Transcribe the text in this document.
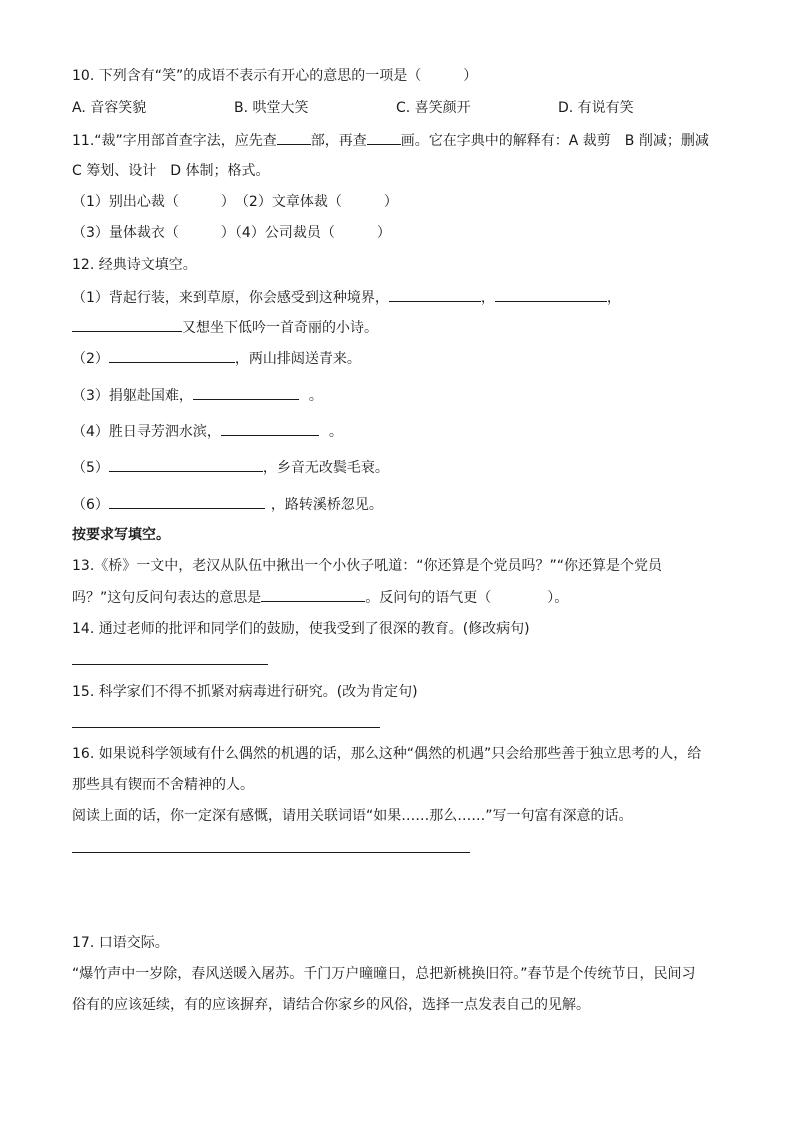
10. 下列含有“笑”的成语不表示有开心的意思的一项是（　　　）
A. 音容笑貌	B. 哄堂大笑	C. 喜笑颜开	D. 有说有笑
11.“裁”字用部首查字法，应先查 部，再查 画。它在字典中的解释有：A 裁剪　B 削减；删减
C 筹划、设计　D 体制；格式。
（1）别出心裁（　　　）　（2）文章体裁（　　　）
（3）量体裁衣（　　　）（4）公司裁员（　　　）
12. 经典诗文填空。
（1）背起行装，来到草原，你会感受到这种境界，	，	，
又想坐下低吟一首奇丽的小诗。
（2）	，两山排闼送青来。
（3）捐躯赴国难，	。
（4）胜日寻芳泗水滨，	。
（5）	，乡音无改鬓毛衰。
（6）	，路转溪桥忽见。
按要求写填空。
13.《桥》一文中，老汉从队伍中揪出一个小伙子吼道：“你还算是个党员吗？”“你还算是个党员
吗？”这句反问句表达的意思是	。反问句的语气更（　　　　）。
14. 通过老师的批评和同学们的鼓励，使我受到了很深的教育。(修改病句)
15. 科学家们不得不抓紧对病毒进行研究。(改为肯定句)
16. 如果说科学领域有什么偶然的机遇的话，那么这种“偶然的机遇”只会给那些善于独立思考的人，给
那些具有锲而不舍精神的人。
阅读上面的话，你一定深有感慨，请用关联词语“如果……那么……”写一句富有深意的话。
17. 口语交际。
“爆竹声中一岁除，春风送暖入屠苏。千门万户曈曈日，总把新桃换旧符。”春节是个传统节日，民间习
俗有的应该延续，有的应该摒弃，请结合你家乡的风俗，选择一点发表自己的见解。
